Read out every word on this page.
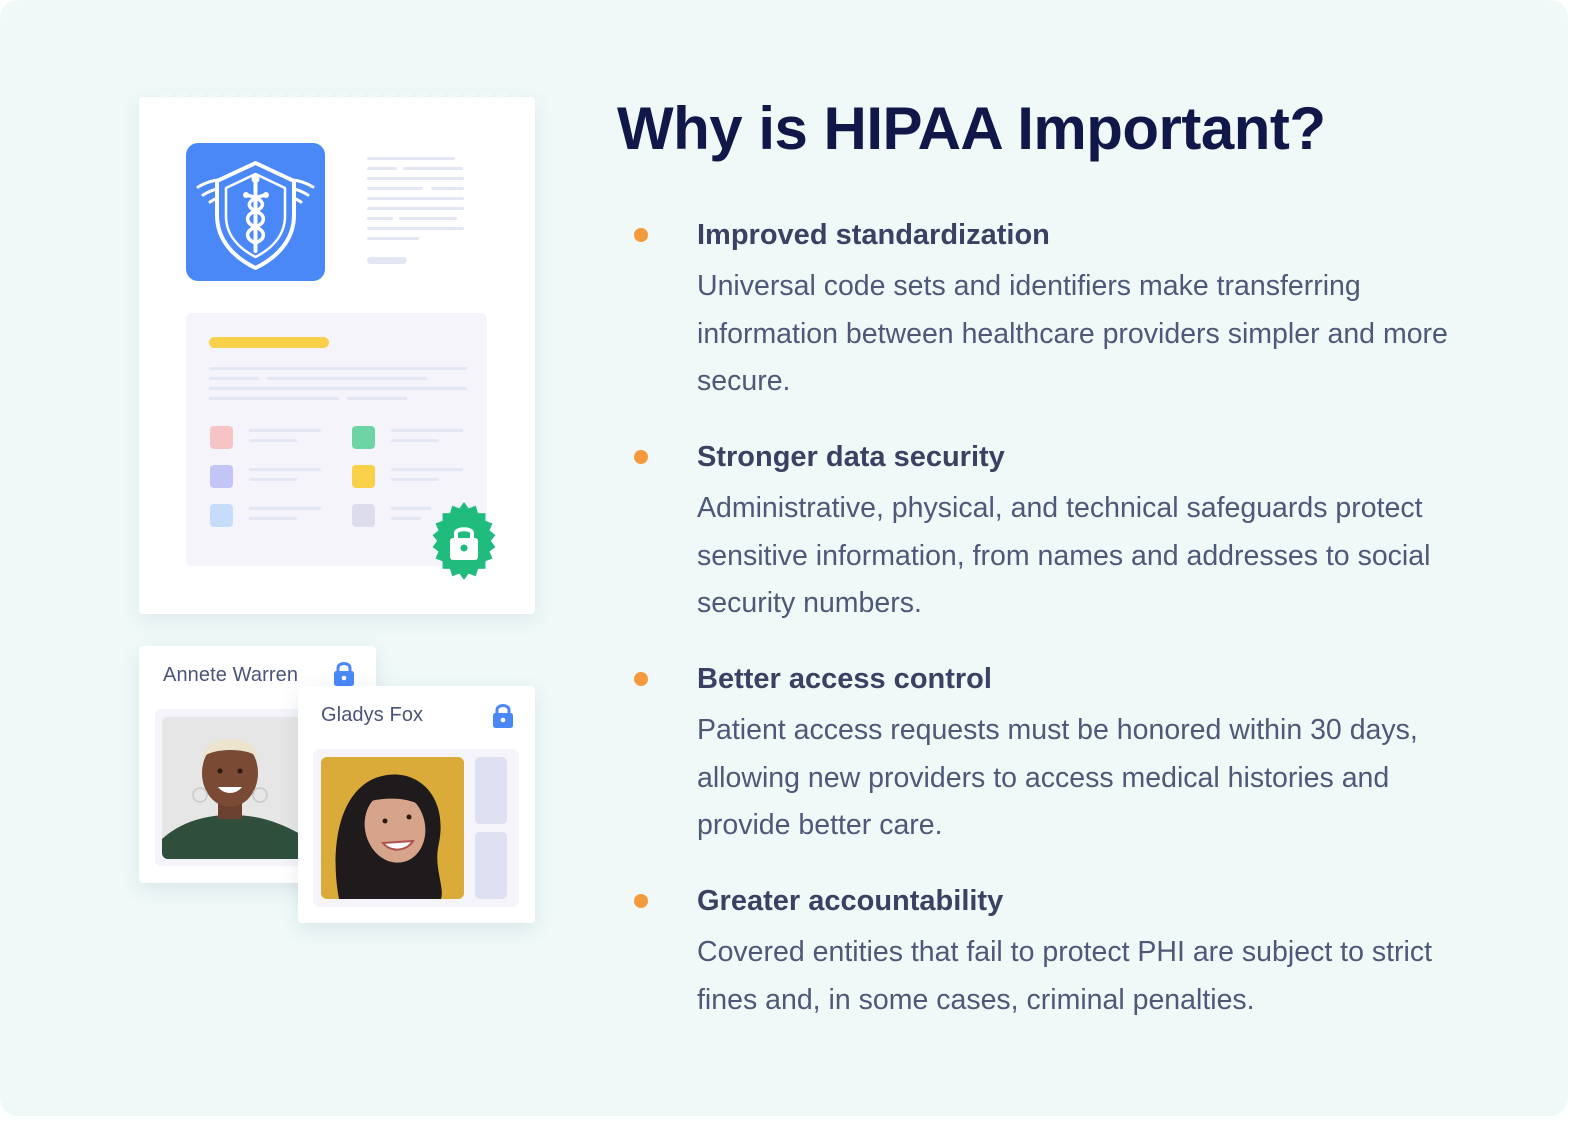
Annete Warren
Gladys Fox
Why is HIPAA Important?
Improved standardization

Universal code sets and identifiers make transferring information between healthcare providers simpler and more secure.

Stronger data security

Administrative, physical, and technical safeguards protect sensitive information, from names and addresses to social security numbers.

Better access control

Patient access requests must be honored within 30 days, allowing new providers to access medical histories and provide better care.

Greater accountability

Covered entities that fail to protect PHI are subject to strict fines and, in some cases, criminal penalties.
